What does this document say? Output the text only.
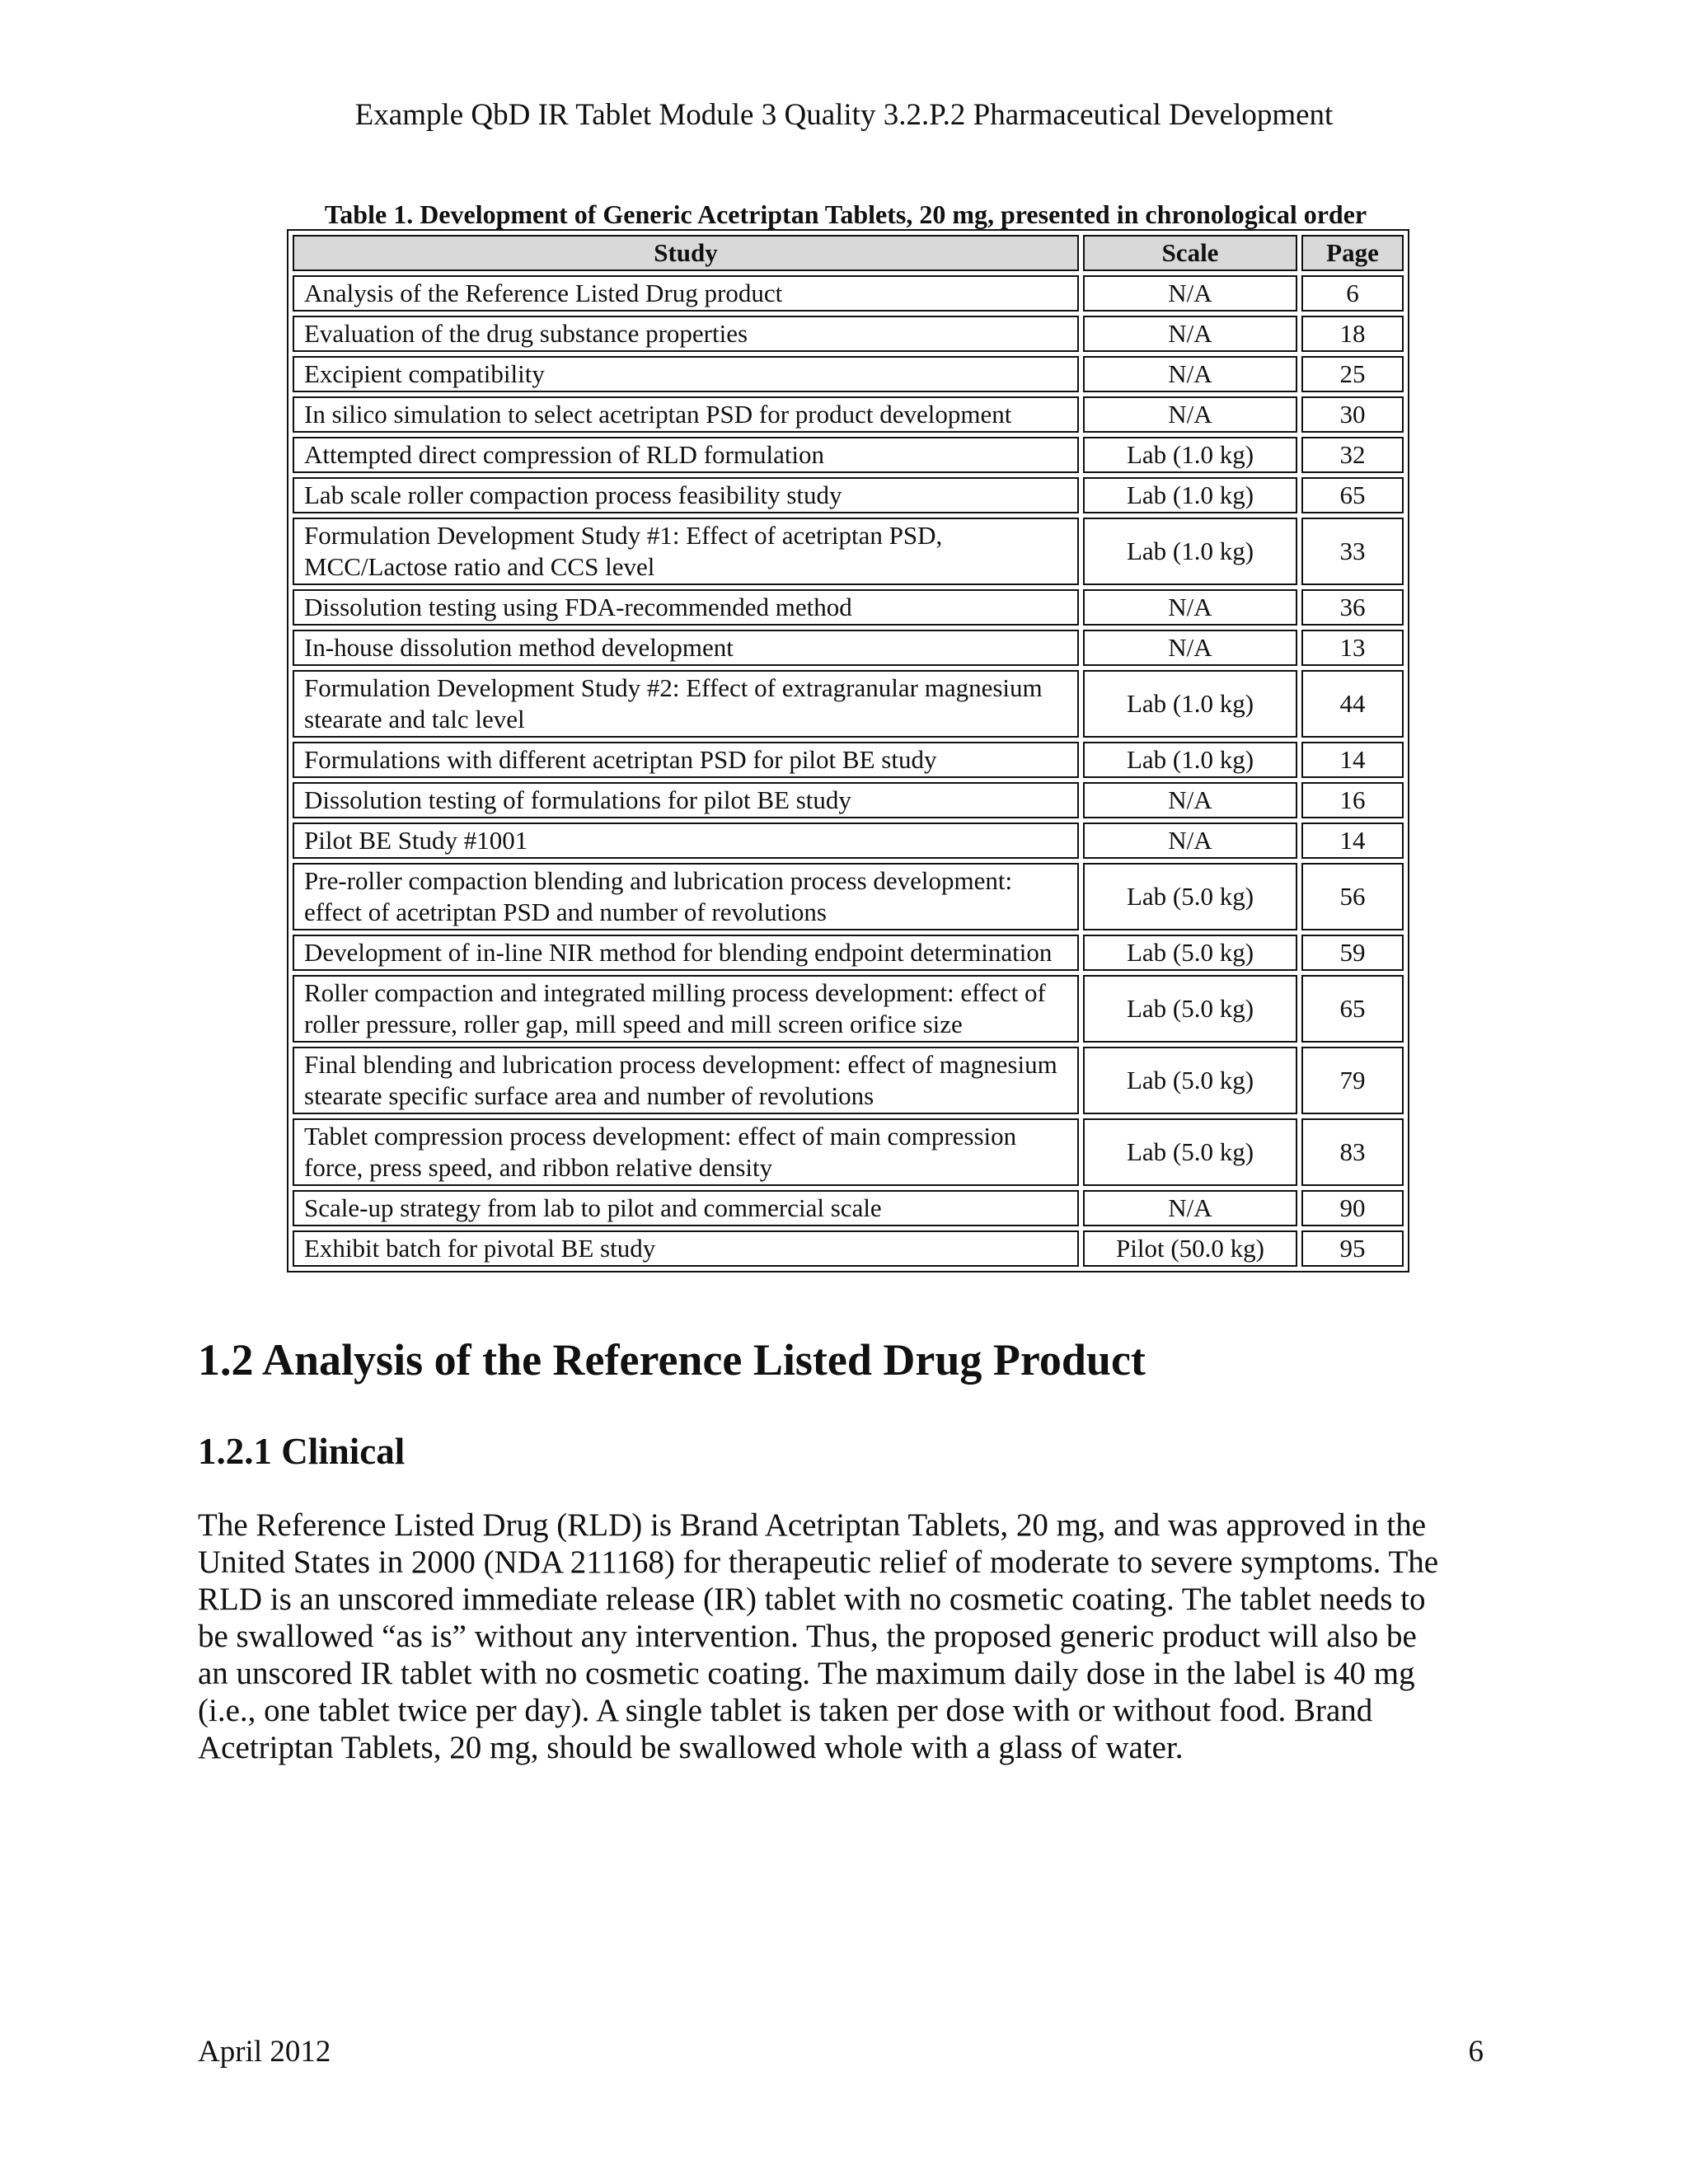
Example QbD IR Tablet Module 3 Quality 3.2.P.2 Pharmaceutical Development
Table 1. Development of Generic Acetriptan Tablets, 20 mg, presented in chronological order
Study	Scale	Page
Analysis of the Reference Listed Drug product	N/A	6
Evaluation of the drug substance properties	N/A	18
Excipient compatibility	N/A	25
In silico simulation to select acetriptan PSD for product development	N/A	30
Attempted direct compression of RLD formulation	Lab (1.0 kg)	32
Lab scale roller compaction process feasibility study	Lab (1.0 kg)	65
Formulation Development Study #1: Effect of acetriptan PSD, MCC/Lactose ratio and CCS level	Lab (1.0 kg)	33
Dissolution testing using FDA-recommended method	N/A	36
In-house dissolution method development	N/A	13
Formulation Development Study #2: Effect of extragranular magnesium stearate and talc level	Lab (1.0 kg)	44
Formulations with different acetriptan PSD for pilot BE study	Lab (1.0 kg)	14
Dissolution testing of formulations for pilot BE study	N/A	16
Pilot BE Study #1001	N/A	14
Pre-roller compaction blending and lubrication process development: effect of acetriptan PSD and number of revolutions	Lab (5.0 kg)	56
Development of in-line NIR method for blending endpoint determination	Lab (5.0 kg)	59
Roller compaction and integrated milling process development: effect of roller pressure, roller gap, mill speed and mill screen orifice size	Lab (5.0 kg)	65
Final blending and lubrication process development: effect of magnesium stearate specific surface area and number of revolutions	Lab (5.0 kg)	79
Tablet compression process development: effect of main compression force, press speed, and ribbon relative density	Lab (5.0 kg)	83
Scale-up strategy from lab to pilot and commercial scale	N/A	90
Exhibit batch for pivotal BE study	Pilot (50.0 kg)	95
1.2 Analysis of the Reference Listed Drug Product
1.2.1 Clinical
The Reference Listed Drug (RLD) is Brand Acetriptan Tablets, 20 mg, and was approved in the
United States in 2000 (NDA 211168) for therapeutic relief of moderate to severe symptoms. The
RLD is an unscored immediate release (IR) tablet with no cosmetic coating. The tablet needs to
be swallowed “as is” without any intervention. Thus, the proposed generic product will also be
an unscored IR tablet with no cosmetic coating. The maximum daily dose in the label is 40 mg
(i.e., one tablet twice per day). A single tablet is taken per dose with or without food. Brand
Acetriptan Tablets, 20 mg, should be swallowed whole with a glass of water.
April 2012	6
